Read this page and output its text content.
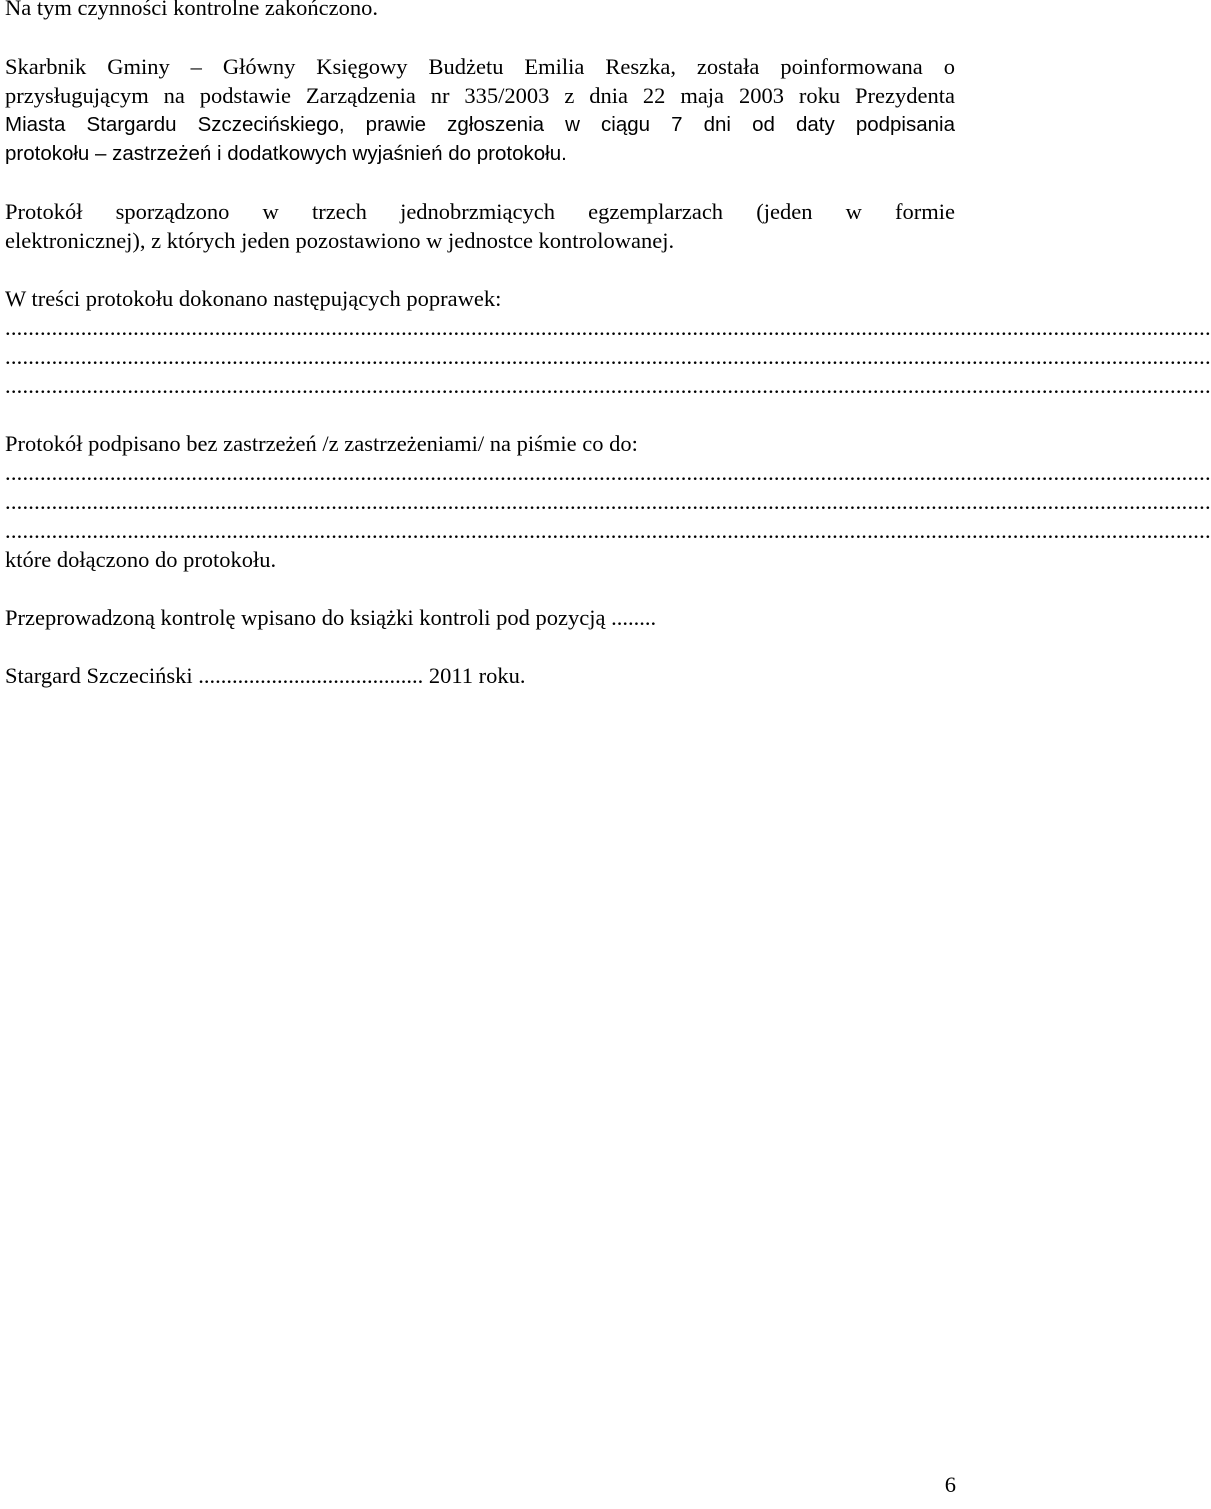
Na tym czynności kontrolne zakończono.
Skarbnik Gminy – Główny Księgowy Budżetu Emilia Reszka, została poinformowana o
przysługującym na podstawie Zarządzenia nr 335/2003 z dnia 22 maja 2003 roku Prezydenta
Miasta Stargardu Szczecińskiego, prawie zgłoszenia w ciągu 7 dni od daty podpisania
protokołu – zastrzeżeń i dodatkowych wyjaśnień do protokołu.
Protokół sporządzono w trzech jednobrzmiących egzemplarzach (jeden w formie
elektronicznej), z których jeden pozostawiono w jednostce kontrolowanej.
W treści protokołu dokonano następujących poprawek:
...............................................................................................................................................................................................................
...............................................................................................................................................................................................................
...............................................................................................................................................................................................................
Protokół podpisano bez zastrzeżeń /z zastrzeżeniami/ na piśmie co do:
...............................................................................................................................................................................................................
...............................................................................................................................................................................................................
...............................................................................................................................................................................................................
które dołączono do protokołu.
Przeprowadzoną kontrolę wpisano do książki kontroli pod pozycją ........
Stargard Szczeciński ........................................ 2011 roku.
6
